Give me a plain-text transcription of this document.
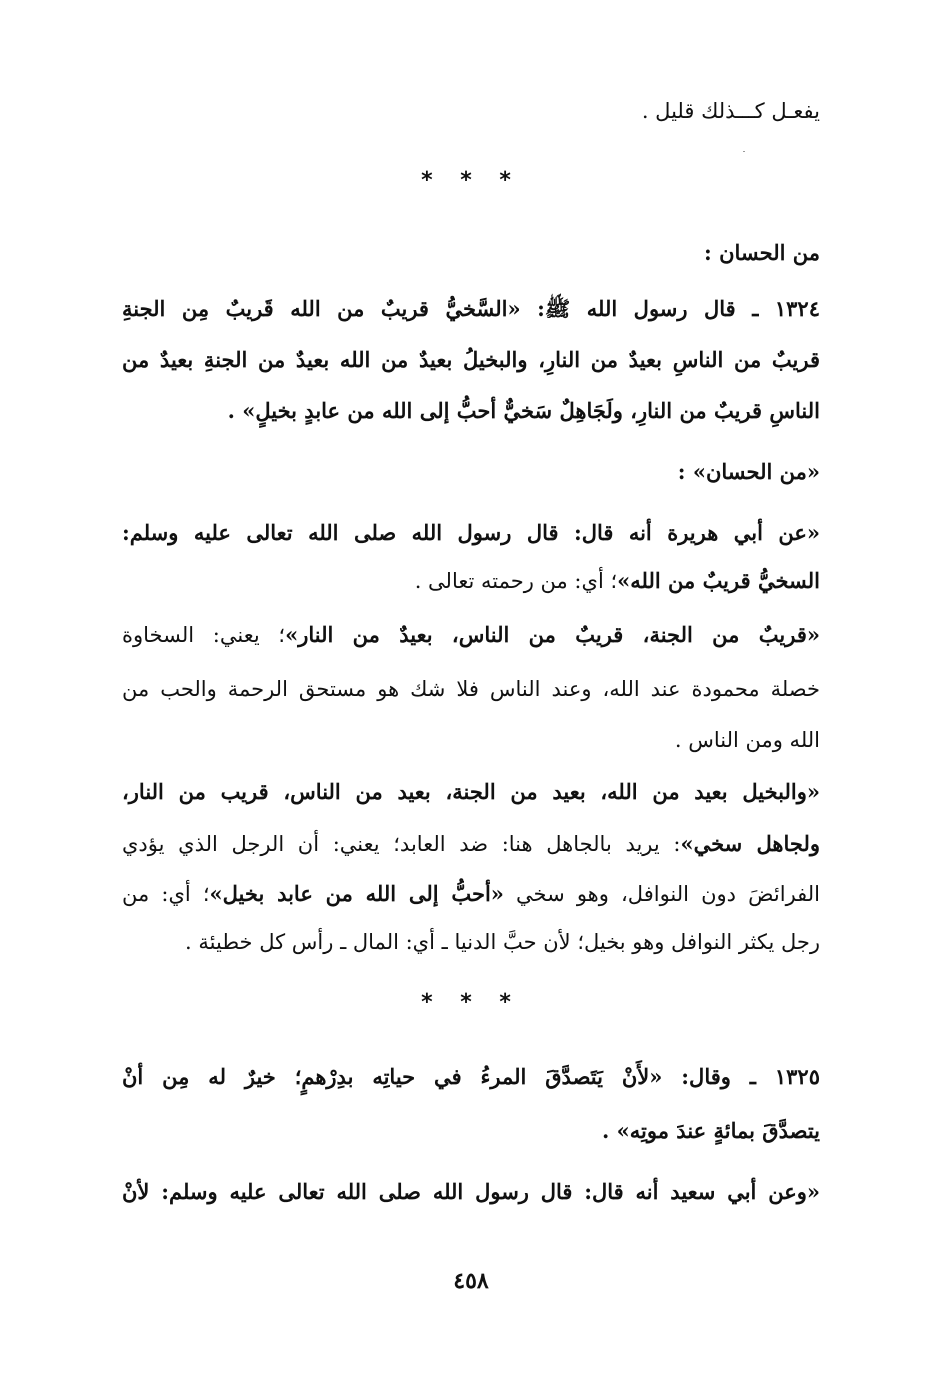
يفعـل كـــذلك قليل .
* * *
من الحسان :
١٣٢٤ ـ قال رسول الله ﷺ: «السَّخيُّ قريبٌ من الله قَريبٌ مِن الجنةِ
قريبٌ من الناسِ بعيدٌ من النارِ، والبخيلُ بعيدٌ من الله بعيدٌ من الجنةِ بعيدٌ من
الناسِ قريبٌ من النارِ، ولَجَاهِلٌ سَخيٌّ أحبُّ إلى الله من عابدٍ بخيلٍ» .
«من الحسان» :
«عن أبي هريرة أنه قال: قال رسول الله صلى الله تعالى عليه وسلم:
السخيُّ قريبٌ من الله»؛ أي: من رحمته تعالى .
«قريبٌ من الجنة، قريبٌ من الناس، بعيدٌ من النار»؛ يعني: السخاوة
خصلة محمودة عند الله، وعند الناس فلا شك هو مستحق الرحمة والحب من
الله ومن الناس .
«والبخيل بعيد من الله، بعيد من الجنة، بعيد من الناس، قريب من النار،
ولجاهل سخي»: يريد بالجاهل هنا: ضد العابد؛ يعني: أن الرجل الذي يؤدي
الفرائضَ دون النوافل، وهو سخي «أحبُّ إلى الله من عابد بخيل»؛ أي: من
رجل يكثر النوافل وهو بخيل؛ لأن حبَّ الدنيا ـ أي: المال ـ رأس كل خطيئة .
* * *
١٣٢٥ ـ وقال: «لأَنْ يَتَصدَّقَ المرءُ في حياتِه بدِرْهمٍ؛ خيرٌ له مِن أنْ
يتصدَّقَ بمائةٍ عندَ موتِه» .
«وعن أبي سعيد أنه قال: قال رسول الله صلى الله تعالى عليه وسلم: لأنْ
٤٥٨
